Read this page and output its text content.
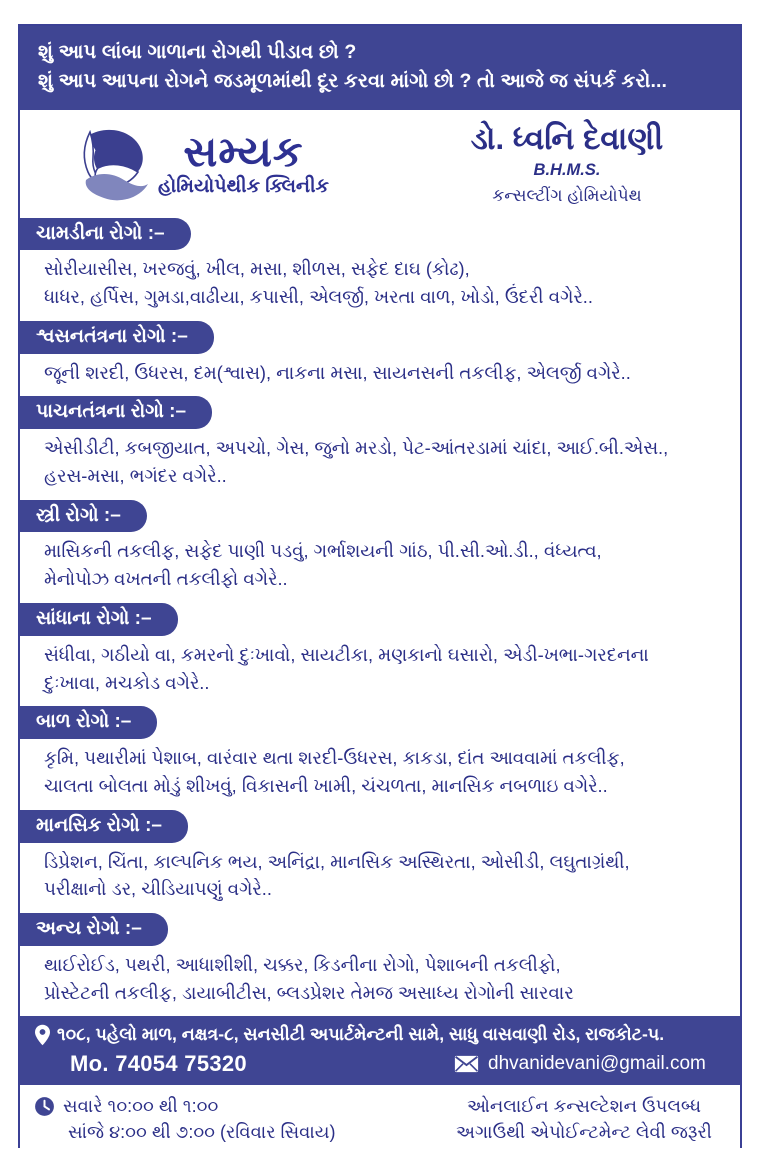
શું આપ લાંબા ગાળાના રોગથી પીડાવ છો ?
શું આપ આપના રોગને જડમૂળમાંથી દૂર કરવા માંગો છો ? તો આજે જ સંપર્ક કરો...
સમ્યક
હોમિયોપેથીક ક્લિનીક
ડો. ધ્વનિ દેવાણી
B.H.M.S.
કન્સલ્ટીંગ હોમિયોપેથ
ચામડીના રોગો :–
સોરીયાસીસ, ખરજવું, ખીલ, મસા, શીળસ, સફેદ દાઘ (કોઢ),
ધાધર, હર્પિસ, ગુમડા,વાઢીયા, કપાસી, એલર્જી, ખરતા વાળ, ખોડો, ઉંદરી વગેરે..
શ્વસનતંત્રના રોગો :–
જૂની શરદી, ઉધરસ, દમ(શ્વાસ), નાકના મસા, સાયનસની તકલીફ, એલર્જી વગેરે..
પાચનતંત્રના રોગો :–
એસીડીટી, કબજીયાત, અપચો, ગેસ, જુનો મરડો, પેટ-આંતરડામાં ચાંદા, આઈ.બી.એસ.,
હરસ-મસા, ભગંદર વગેરે..
સ્ત્રી રોગો :–
માસિકની તકલીફ, સફેદ પાણી પડવું, ગર્ભાશયની ગાંઠ, પી.સી.ઓ.ડી., વંધ્યત્વ,
મેનોપોઝ વખતની તકલીફો વગેરે..
સાંધાના રોગો :–
સંધીવા, ગઠીયો વા, કમરનો દુઃખાવો, સાયટીકા, મણકાનો ઘસારો, એડી-ખભા-ગરદનના
દુઃખાવા, મચકોડ વગેરે..
બાળ રોગો :–
કૃમિ, પથારીમાં પેશાબ, વારંવાર થતા શરદી-ઉધરસ, કાકડા, દાંત આવવામાં તકલીફ,
ચાલતા બોલતા મોડું શીખવું, વિકાસની ખામી, ચંચળતા, માનસિક નબળાઇ વગેરે..
માનસિક રોગો :–
ડિપ્રેશન, ચિંતા, કાલ્પનિક ભય, અનિંદ્રા, માનસિક અસ્થિરતા, ઓસીડી, લઘુતાગ્રંથી,
પરીક્ષાનો ડર, ચીડિયાપણું વગેરે..
અન્ય રોગો :–
થાઈરોઈડ, પથરી, આધાશીશી, ચક્કર, કિડનીના રોગો, પેશાબની તકલીફો,
પ્રોસ્ટેટની તકલીફ, ડાયાબીટીસ, બ્લડપ્રેશર તેમજ અસાધ્ય રોગોની સારવાર
૧૦૮, પહેલો માળ, નક્ષત્ર-૮, સનસીટી અપાર્ટમેન્ટની સામે, સાધુ વાસવાણી રોડ, રાજકોટ-૫.
Mo. 74054 75320	dhvanidevani@gmail.com
સવારે ૧૦:૦૦ થી ૧:૦૦
સાંજે ૪:૦૦ થી ૭:૦૦ (રવિવાર સિવાય)
ઓનલાઈન કન્સલ્ટેશન ઉપલબ્ધ
અગાઉથી એપોઈન્ટમેન્ટ લેવી જરૂરી
